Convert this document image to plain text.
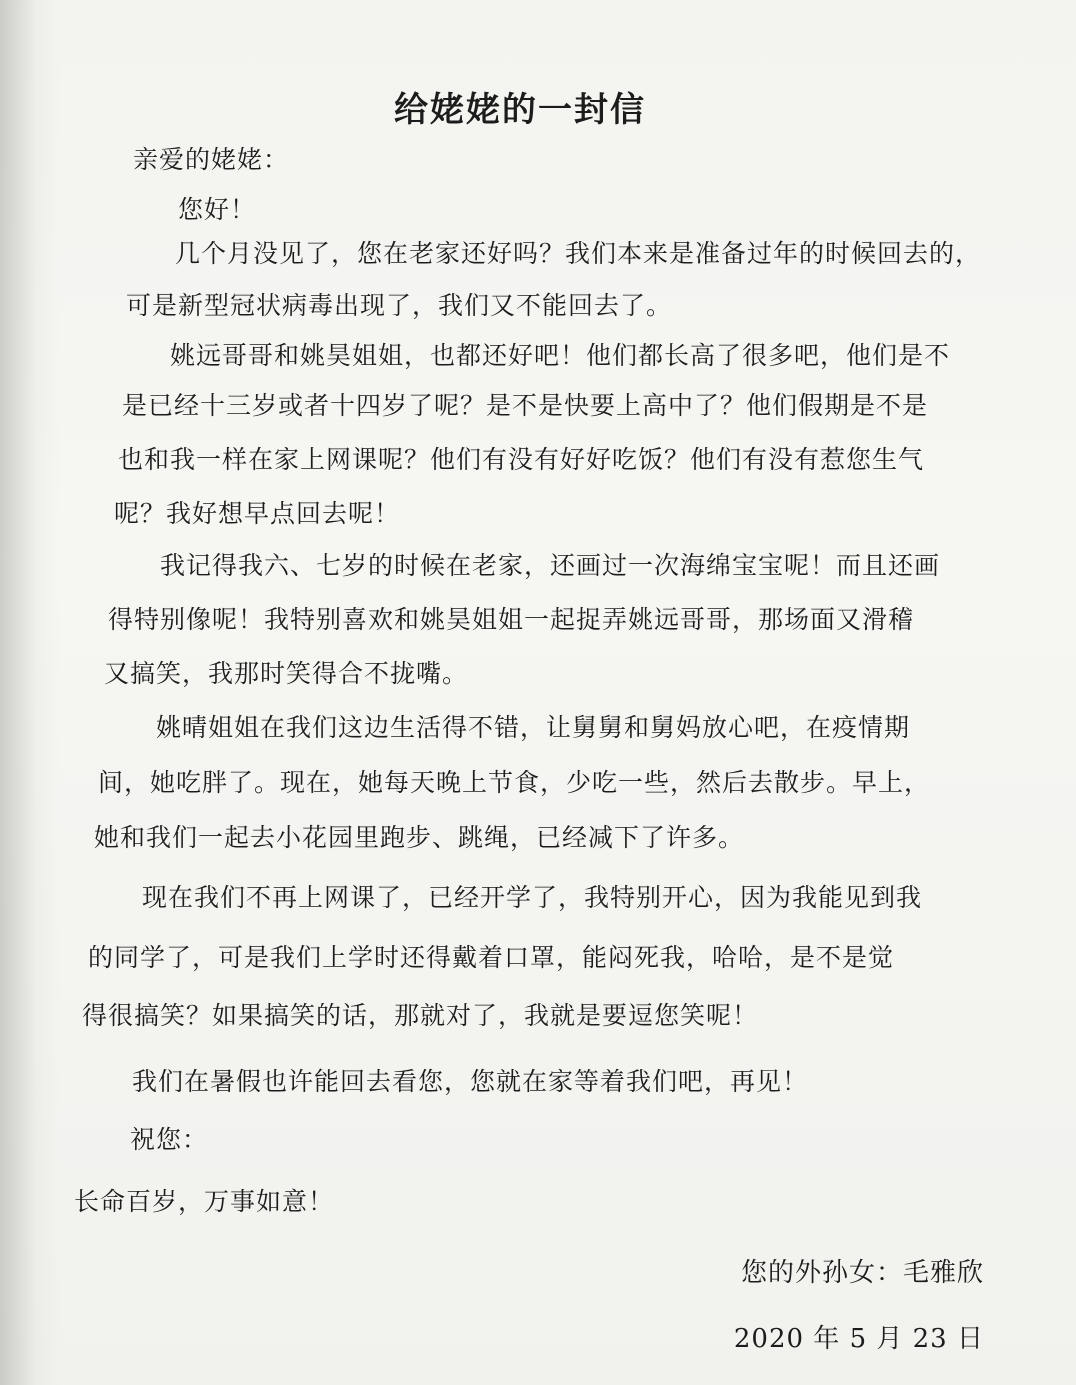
给姥姥的一封信
亲爱的姥姥：
您好！
几个月没见了，您在老家还好吗？我们本来是准备过年的时候回去的，
可是新型冠状病毒出现了，我们又不能回去了。
姚远哥哥和姚昊姐姐，也都还好吧！他们都长高了很多吧，他们是不
是已经十三岁或者十四岁了呢？是不是快要上高中了？他们假期是不是
也和我一样在家上网课呢？他们有没有好好吃饭？他们有没有惹您生气
呢？我好想早点回去呢！
我记得我六、七岁的时候在老家，还画过一次海绵宝宝呢！而且还画
得特别像呢！我特别喜欢和姚昊姐姐一起捉弄姚远哥哥，那场面又滑稽
又搞笑，我那时笑得合不拢嘴。
姚晴姐姐在我们这边生活得不错，让舅舅和舅妈放心吧，在疫情期
间，她吃胖了。现在，她每天晚上节食，少吃一些，然后去散步。早上，
她和我们一起去小花园里跑步、跳绳，已经减下了许多。
现在我们不再上网课了，已经开学了，我特别开心，因为我能见到我
的同学了，可是我们上学时还得戴着口罩，能闷死我，哈哈，是不是觉
得很搞笑？如果搞笑的话，那就对了，我就是要逗您笑呢！
我们在暑假也许能回去看您，您就在家等着我们吧，再见！
祝您：
长命百岁，万事如意！
您的外孙女：毛雅欣
2020 年 5 月 23 日
